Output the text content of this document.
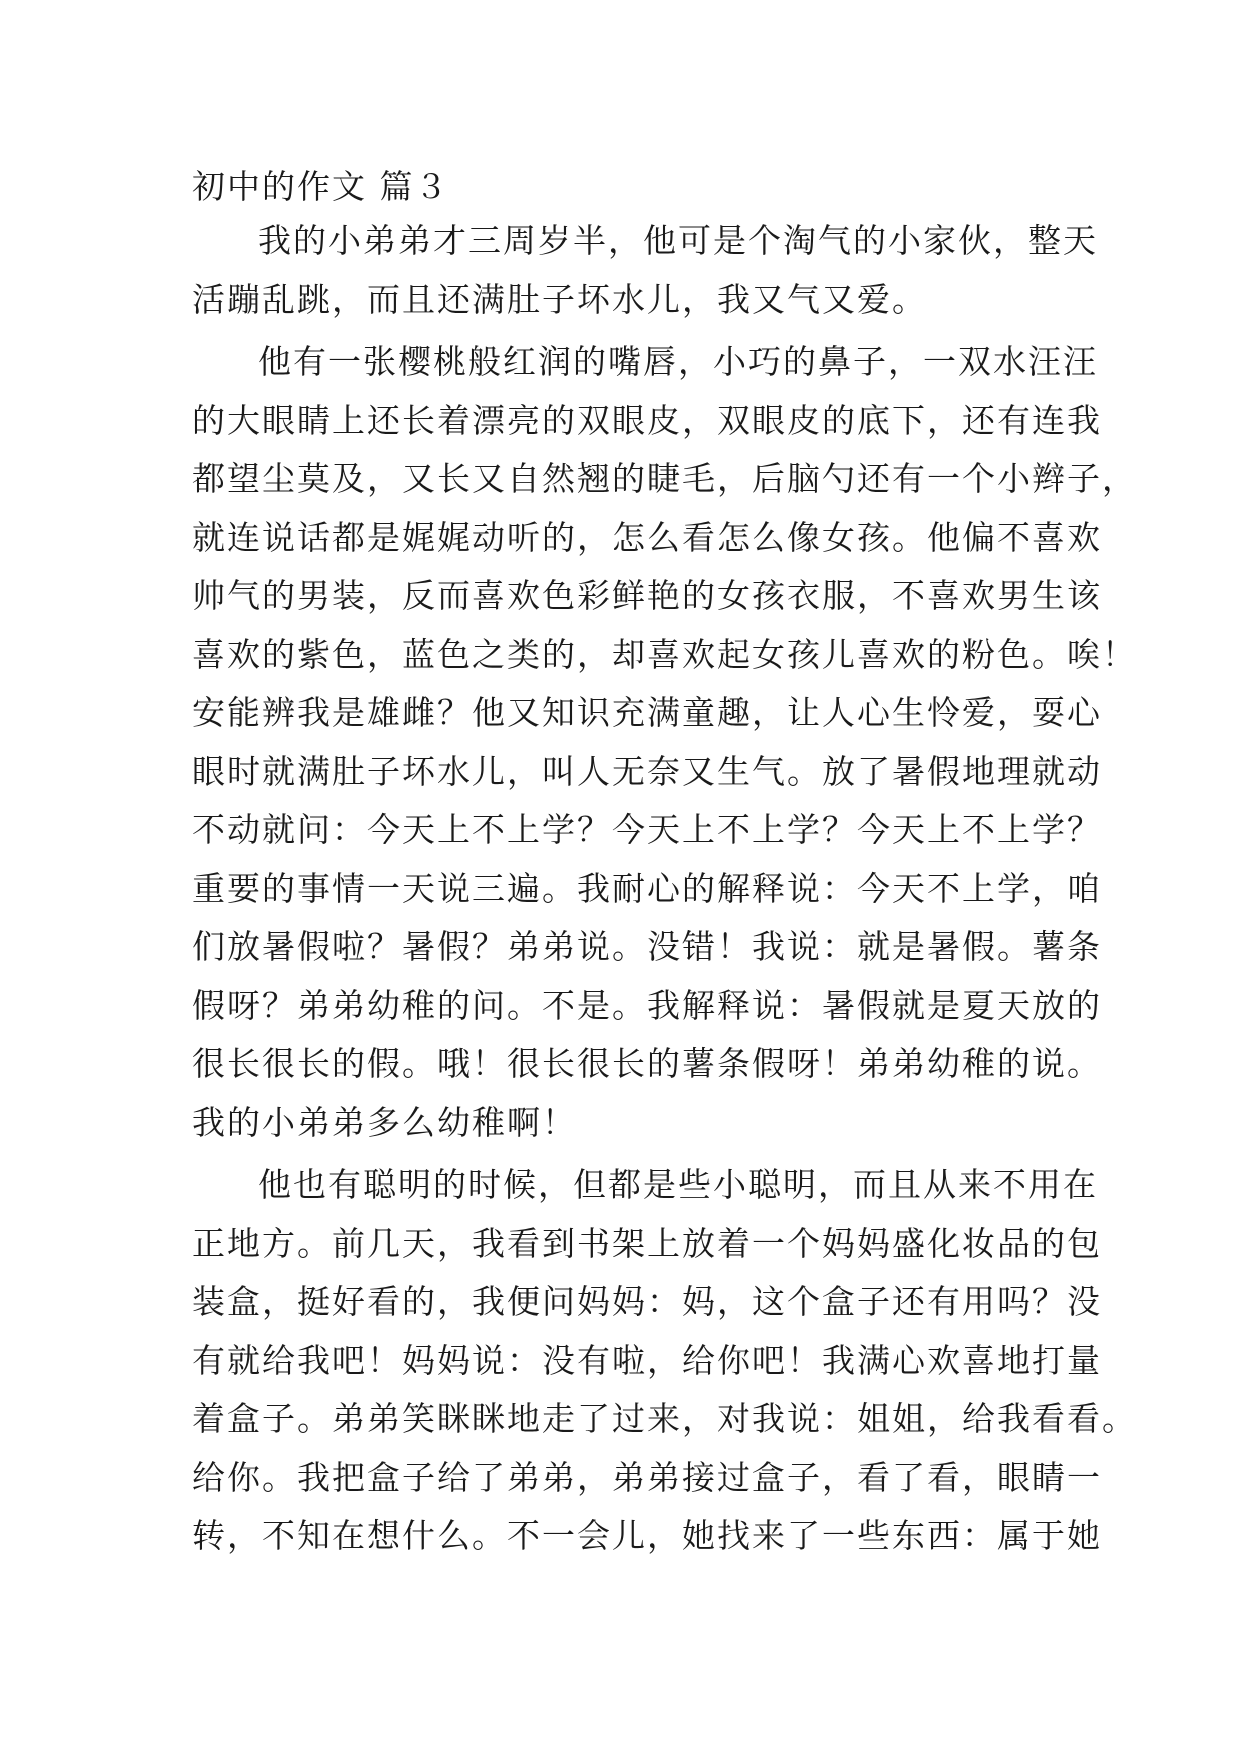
初中的作文 篇３
我的小弟弟才三周岁半，他可是个淘气的小家伙，整天
活蹦乱跳，而且还满肚子坏水儿，我又气又爱。
他有一张樱桃般红润的嘴唇，小巧的鼻子，一双水汪汪
的大眼睛上还长着漂亮的双眼皮，双眼皮的底下，还有连我
都望尘莫及，又长又自然翘的睫毛，后脑勺还有一个小辫子，
就连说话都是娓娓动听的，怎么看怎么像女孩。他偏不喜欢
帅气的男装，反而喜欢色彩鲜艳的女孩衣服，不喜欢男生该
喜欢的紫色，蓝色之类的，却喜欢起女孩儿喜欢的粉色。唉！
安能辨我是雄雌？他又知识充满童趣，让人心生怜爱，耍心
眼时就满肚子坏水儿，叫人无奈又生气。放了暑假地理就动
不动就问：今天上不上学？今天上不上学？今天上不上学？
重要的事情一天说三遍。我耐心的解释说：今天不上学，咱
们放暑假啦？暑假？弟弟说。没错！我说：就是暑假。薯条
假呀？弟弟幼稚的问。不是。我解释说：暑假就是夏天放的
很长很长的假。哦！很长很长的薯条假呀！弟弟幼稚的说。
我的小弟弟多么幼稚啊！
他也有聪明的时候，但都是些小聪明，而且从来不用在
正地方。前几天，我看到书架上放着一个妈妈盛化妆品的包
装盒，挺好看的，我便问妈妈：妈，这个盒子还有用吗？没
有就给我吧！妈妈说：没有啦，给你吧！我满心欢喜地打量
着盒子。弟弟笑眯眯地走了过来，对我说：姐姐，给我看看。
给你。我把盒子给了弟弟，弟弟接过盒子，看了看，眼睛一
转，不知在想什么。不一会儿，她找来了一些东西：属于她
